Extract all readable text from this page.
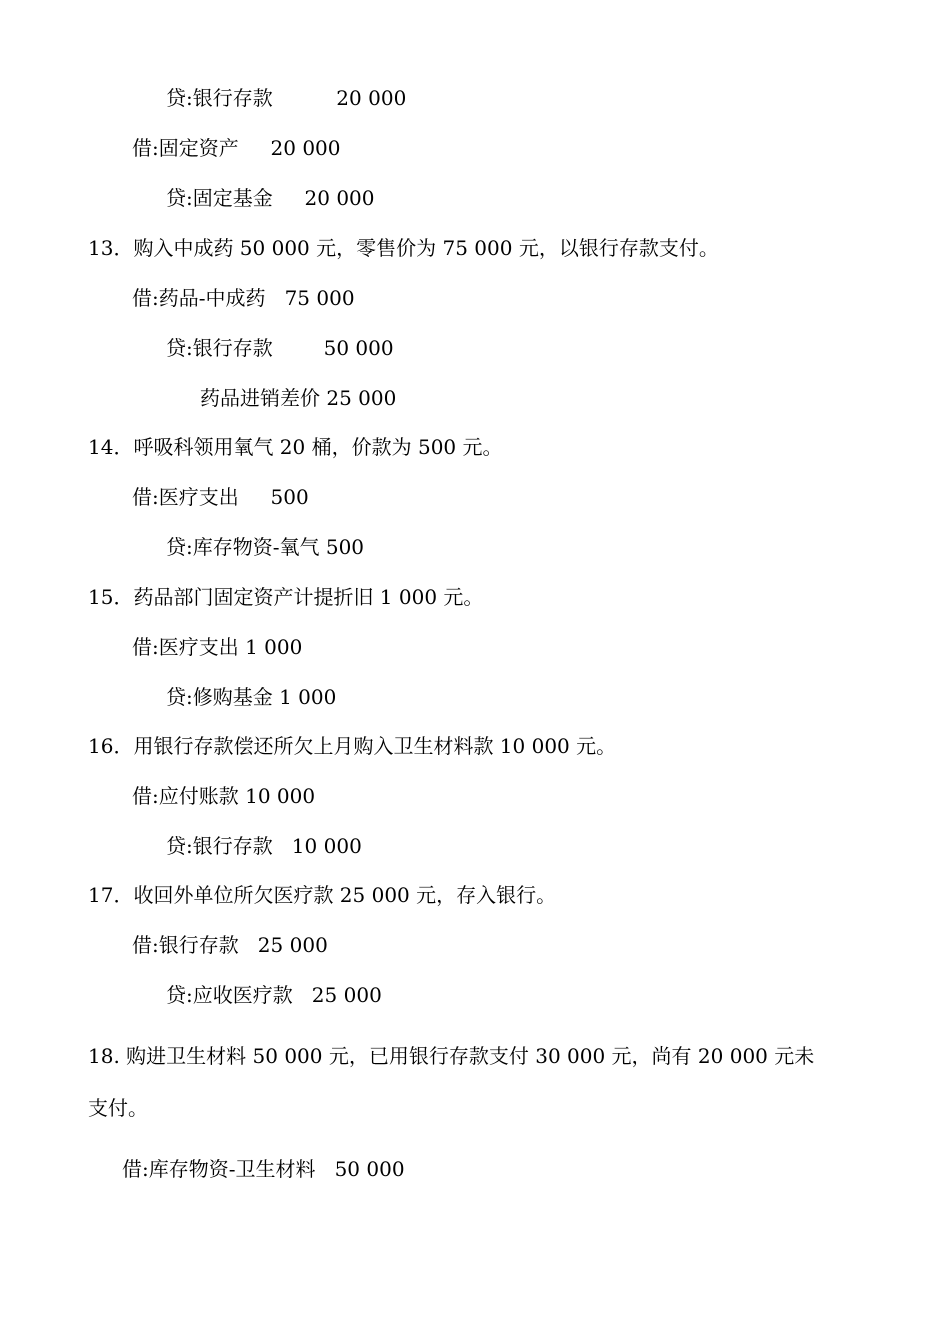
贷:银行存款          20 000
借:固定资产     20 000
贷:固定基金     20 000
13．购入中成药 50 000 元，零售价为 75 000 元，以银行存款支付。
借:药品-中成药   75 000
贷:银行存款        50 000
药品进销差价 25 000
14．呼吸科领用氧气 20 桶，价款为 500 元。
借:医疗支出     500
贷:库存物资-氧气 500
15．药品部门固定资产计提折旧 1 000 元。
借:医疗支出 1 000
贷:修购基金 1 000
16．用银行存款偿还所欠上月购入卫生材料款 10 000 元。
借:应付账款 10 000
贷:银行存款   10 000
17．收回外单位所欠医疗款 25 000 元，存入银行。
借:银行存款   25 000
贷:应收医疗款   25 000
18. 购进卫生材料 50 000 元，已用银行存款支付 30 000 元，尚有 20 000 元未
支付。
借:库存物资-卫生材料   50 000
